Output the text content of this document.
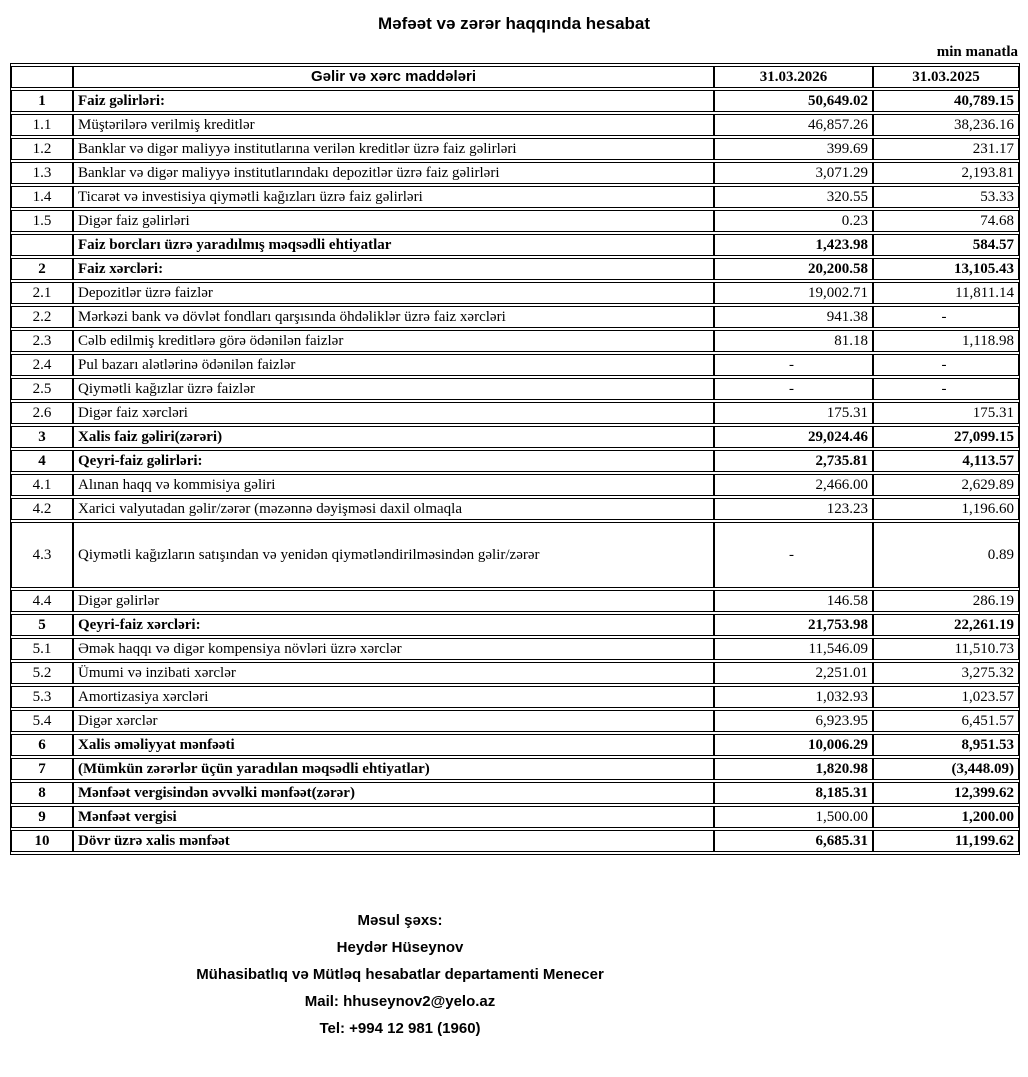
Məfəət və zərər haqqında hesabat
min manatla
	Gəlir və xərc maddələri	31.03.2026	31.03.2025
1	Faiz gəlirləri:	50,649.02	40,789.15
1.1	Müştərilərə verilmiş kreditlər	46,857.26	38,236.16
1.2	Banklar və digər maliyyə institutlarına verilən kreditlər üzrə faiz gəlirləri	399.69	231.17
1.3	Banklar və digər maliyyə institutlarındakı depozitlər üzrə faiz gəlirləri	3,071.29	2,193.81
1.4	Ticarət və investisiya qiymətli kağızları üzrə faiz gəlirləri	320.55	53.33
1.5	Digər faiz gəlirləri	0.23	74.68
	Faiz borcları üzrə yaradılmış məqsədli ehtiyatlar	1,423.98	584.57
2	Faiz xərcləri:	20,200.58	13,105.43
2.1	Depozitlər üzrə faizlər	19,002.71	11,811.14
2.2	Mərkəzi bank və dövlət fondları qarşısında öhdəliklər üzrə faiz xərcləri	941.38	-
2.3	Cəlb edilmiş kreditlərə görə ödənilən faizlər	81.18	1,118.98
2.4	Pul bazarı alətlərinə ödənilən faizlər	-	-
2.5	Qiymətli kağızlar üzrə faizlər	-	-
2.6	Digər faiz xərcləri	175.31	175.31
3	Xalis faiz gəliri(zərəri)	29,024.46	27,099.15
4	Qeyri-faiz gəlirləri:	2,735.81	4,113.57
4.1	Alınan haqq və kommisiya gəliri	2,466.00	2,629.89
4.2	Xarici valyutadan gəlir/zərər (məzənnə dəyişməsi daxil olmaqla	123.23	1,196.60
4.3	Qiymətli kağızların satışından və yenidən qiymətləndirilməsindən gəlir/zərər	-	0.89
4.4	Digər gəlirlər	146.58	286.19
5	Qeyri-faiz xərcləri:	21,753.98	22,261.19
5.1	Əmək haqqı və digər kompensiya növləri üzrə xərclər	11,546.09	11,510.73
5.2	Ümumi və inzibati xərclər	2,251.01	3,275.32
5.3	Amortizasiya xərcləri	1,032.93	1,023.57
5.4	Digər xərclər	6,923.95	6,451.57
6	Xalis əməliyyat mənfəəti	10,006.29	8,951.53
7	(Mümkün zərərlər üçün yaradılan məqsədli ehtiyatlar)	1,820.98	(3,448.09)
8	Mənfəət vergisindən əvvəlki mənfəət(zərər)	8,185.31	12,399.62
9	Mənfəət vergisi	1,500.00	1,200.00
10	Dövr üzrə xalis mənfəət	6,685.31	11,199.62
Məsul şəxs:
Heydər Hüseynov
Mühasibatlıq və Mütləq hesabatlar departamenti Menecer
Mail: hhuseynov2@yelo.az
Tel: +994 12 981 (1960)
